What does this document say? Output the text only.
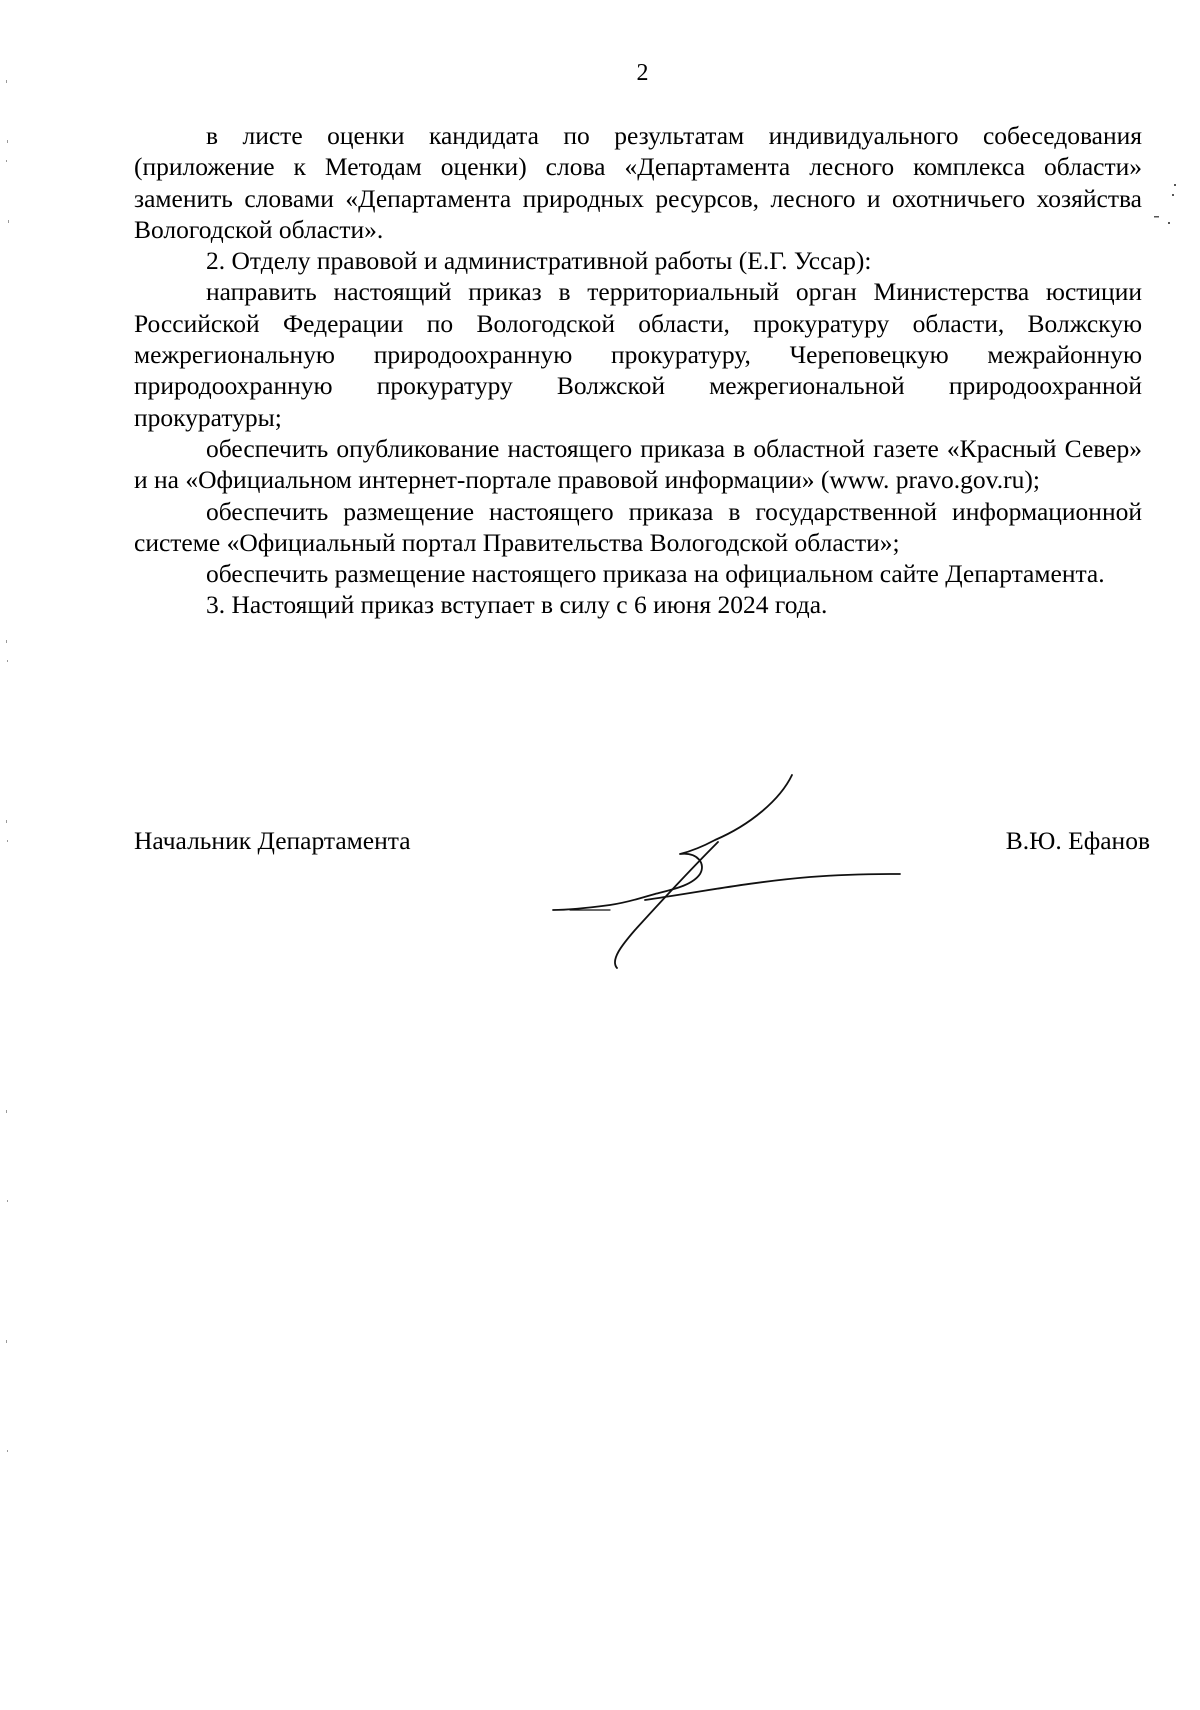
2

в листе оценки кандидата по результатам индивидуального собеседования (приложение к Методам оценки) слова «Департамента лесного комплекса области» заменить словами «Департамента природных ресурсов, лесного и охотничьего хозяйства Вологодской области».

2. Отделу правовой и административной работы (Е.Г. Уссар):

направить настоящий приказ в территориальный орган Министерства юстиции Российской Федерации по Вологодской области, прокуратуру области, Волжскую межрегиональную природоохранную прокуратуру, Череповецкую межрайонную природоохранную прокуратуру Волжской межрегиональной природоохранной прокуратуры;

обеспечить опубликование настоящего приказа в областной газете «Красный Север» и на «Официальном интернет-портале правовой информации» (www. pravo.gov.ru);

обеспечить размещение настоящего приказа в государственной информационной системе «Официальный портал Правительства Вологодской области»;

обеспечить размещение настоящего приказа на официальном сайте Департамента.

3. Настоящий приказ вступает в силу с 6 июня 2024 года.

Начальник Департамента	В.Ю. Ефанов
